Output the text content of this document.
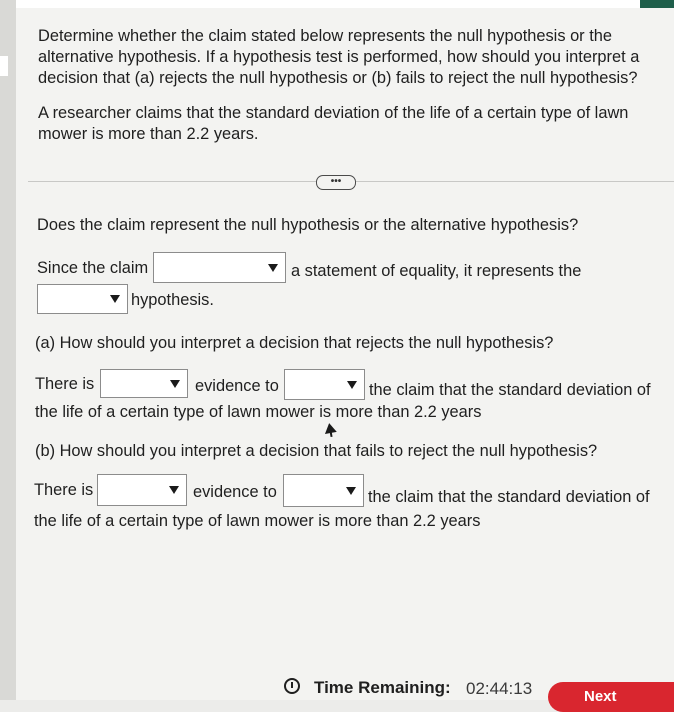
Determine whether the claim stated below represents the null hypothesis or the alternative hypothesis. If a hypothesis test is performed, how should you interpret a decision that (a) rejects the null hypothesis or (b) fails to reject the null hypothesis?
A researcher claims that the standard deviation of the life of a certain type of lawn mower is more than 2.2 years.
•••
Does the claim represent the null hypothesis or the alternative hypothesis?
Since the claim	a statement of equality, it represents the
hypothesis.
(a) How should you interpret a decision that rejects the null hypothesis?
There is	evidence to	the claim that the standard deviation of
the life of a certain type of lawn mower is more than 2.2 years
(b) How should you interpret a decision that fails to reject the null hypothesis?
There is	evidence to	the claim that the standard deviation of
the life of a certain type of lawn mower is more than 2.2 years
Time Remaining: 02:44:13	Next
